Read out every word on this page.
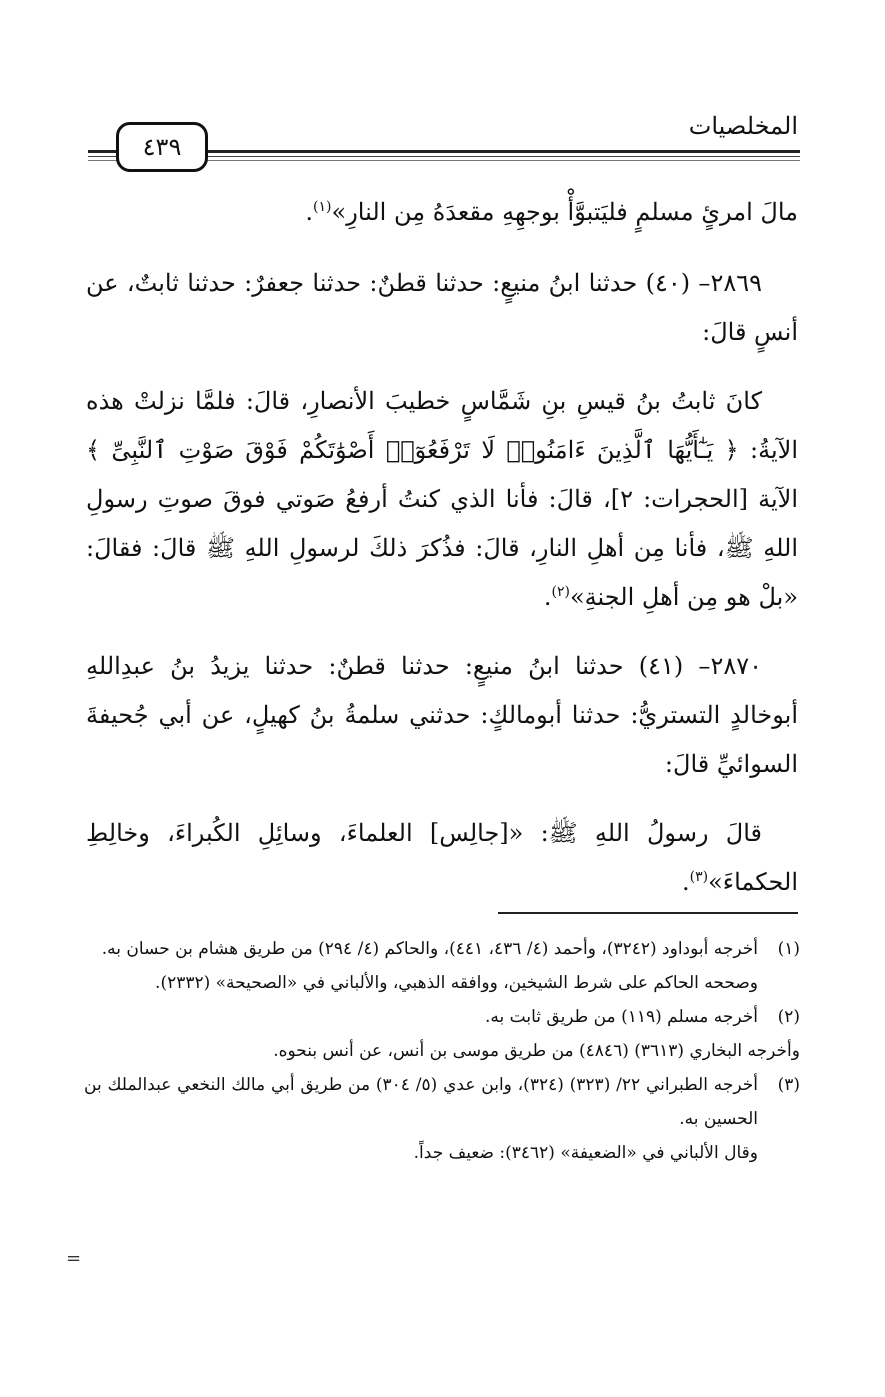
٤٣٩
المخلصيات

مالَ امرئٍ مسلمٍ فليَتبوَّأْ بوجهِهِ مقعدَهُ مِن النارِ»$^{(١)}$.

٢٨٦٩– (٤٠) حدثنا ابنُ منيعٍ: حدثنا قطنٌ: حدثنا جعفرٌ: حدثنا ثابتٌ، عن أنسٍ قالَ:

كانَ ثابتُ بنُ قيسِ بنِ شَمَّاسٍ خطيبَ الأنصارِ، قالَ: فلمَّا نزلتْ هذه الآيةُ: ﴿ يَـٰٓأَيُّهَا ٱلَّذِينَ ءَامَنُوا۟ لَا تَرْفَعُوٓا۟ أَصْوَٰتَكُمْ فَوْقَ صَوْتِ ٱلنَّبِىِّ ﴾ الآية [الحجرات: ٢]، قالَ: فأنا الذي كنتُ أرفعُ صَوتي فوقَ صوتِ رسولِ اللهِ ﷺ، فأنا مِن أهلِ النارِ، قالَ: فذُكرَ ذلكَ لرسولِ اللهِ ﷺ قالَ: فقالَ: «بلْ هو مِن أهلِ الجنةِ»$^{(٢)}$.

٢٨٧٠– (٤١) حدثنا ابنُ منيعٍ: حدثنا قطنٌ: حدثنا يزيدُ بنُ عبدِاللهِ أبوخالدٍ التستريُّ: حدثنا أبومالكٍ: حدثني سلمةُ بنُ كهيلٍ، عن أبي جُحيفةَ السوائيِّ قالَ:

قالَ رسولُ اللهِ ﷺ: «[جالِس] العلماءَ، وسائِلِ الكُبراءَ، وخالِطِ الحكماءَ»$^{(٣)}$.

(١)
أخرجه أبوداود (٣٢٤٢)، وأحمد (٤/ ٤٣٦، ٤٤١)، والحاكم (٤/ ٢٩٤) من طريق هشام بن حسان به.

وصححه الحاكم على شرط الشيخين، ووافقه الذهبي، والألباني في «الصحيحة» (٢٣٣٢).

(٢)
أخرجه مسلم (١١٩) من طريق ثابت به.

وأخرجه البخاري (٣٦١٣) (٤٨٤٦) من طريق موسى بن أنس، عن أنس بنحوه.

(٣)
أخرجه الطبراني ٢٢/ (٣٢٣) (٣٢٤)، وابن عدي (٥/ ٣٠٤) من طريق أبي مالك النخعي عبدالملك بن الحسين به.

وقال الألباني في «الضعيفة» (٣٤٦٢): ضعيف جداً.

=
